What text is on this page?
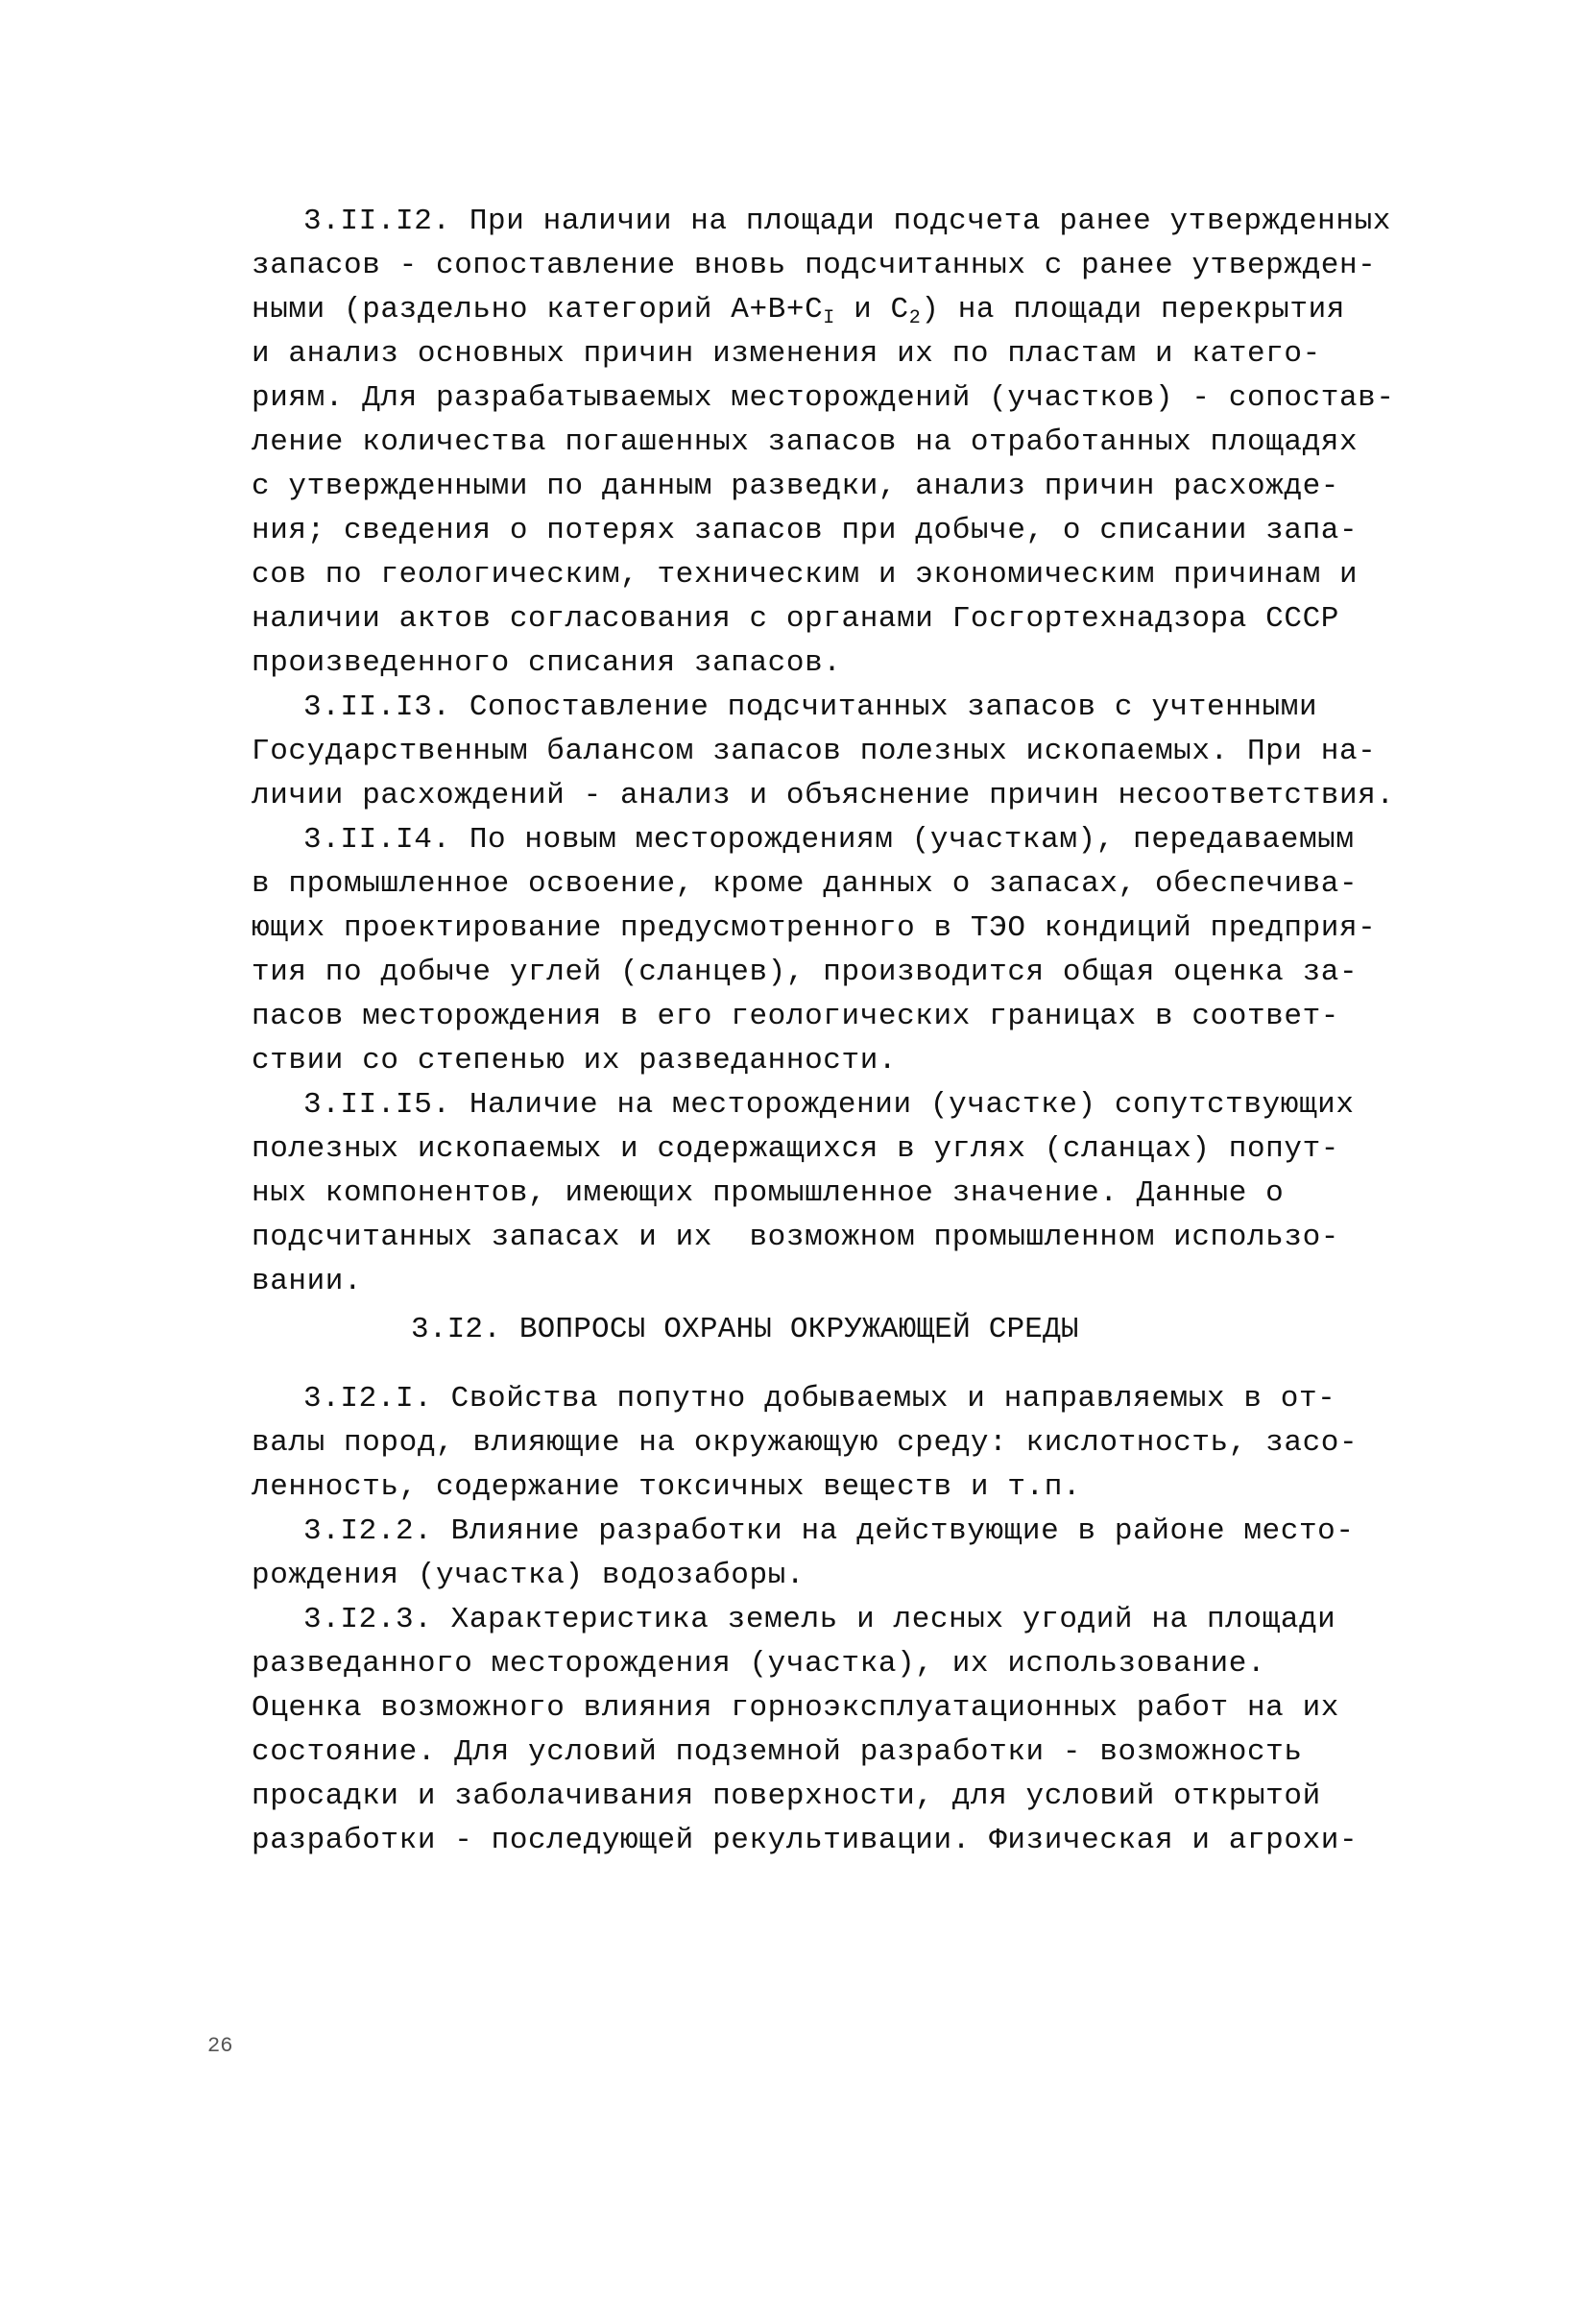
3.II.I2. При наличии на площади подсчета ранее утвержденных
запасов - сопоставление вновь подсчитанных с ранее утвержден-
ными (раздельно категорий $A+B+C_I$ и $C_2$) на площади перекрытия
и анализ основных причин изменения их по пластам и катего-
риям. Для разрабатываемых месторождений (участков) - сопостав-
ление количества погашенных запасов на отработанных площадях
с утвержденными по данным разведки, анализ причин расхожде-
ния; сведения о потерях запасов при добыче, о списании запа-
сов по геологическим, техническим и экономическим причинам и
наличии актов согласования с органами Госгортехнадзора СССР
произведенного списания запасов.
3.II.I3. Сопоставление подсчитанных запасов с учтенными
Государственным балансом запасов полезных ископаемых. При на-
личии расхождений - анализ и объяснение причин несоответствия.
3.II.I4. По новым месторождениям (участкам), передаваемым
в промышленное освоение, кроме данных о запасах, обеспечива-
ющих проектирование предусмотренного в ТЭО кондиций предприя-
тия по добыче углей (сланцев), производится общая оценка за-
пасов месторождения в его геологических границах в соответ-
ствии со степенью их разведанности.
3.II.I5. Наличие на месторождении (участке) сопутствующих
полезных ископаемых и содержащихся в углях (сланцах) попут-
ных компонентов, имеющих промышленное значение. Данные о
подсчитанных запасах и их  возможном промышленном использо-
вании.
3.I2. ВОПРОСЫ ОХРАНЫ ОКРУЖАЮЩЕЙ СРЕДЫ
3.I2.I. Свойства попутно добываемых и направляемых в от-
валы пород, влияющие на окружающую среду: кислотность, засо-
ленность, содержание токсичных веществ и т.п.
3.I2.2. Влияние разработки на действующие в районе место-
рождения (участка) водозаборы.
3.I2.3. Характеристика земель и лесных угодий на площади
разведанного месторождения (участка), их использование.
Оценка возможного влияния горноэксплуатационных работ на их
состояние. Для условий подземной разработки - возможность
просадки и заболачивания поверхности, для условий открытой
разработки - последующей рекультивации. Физическая и агрохи-
26
